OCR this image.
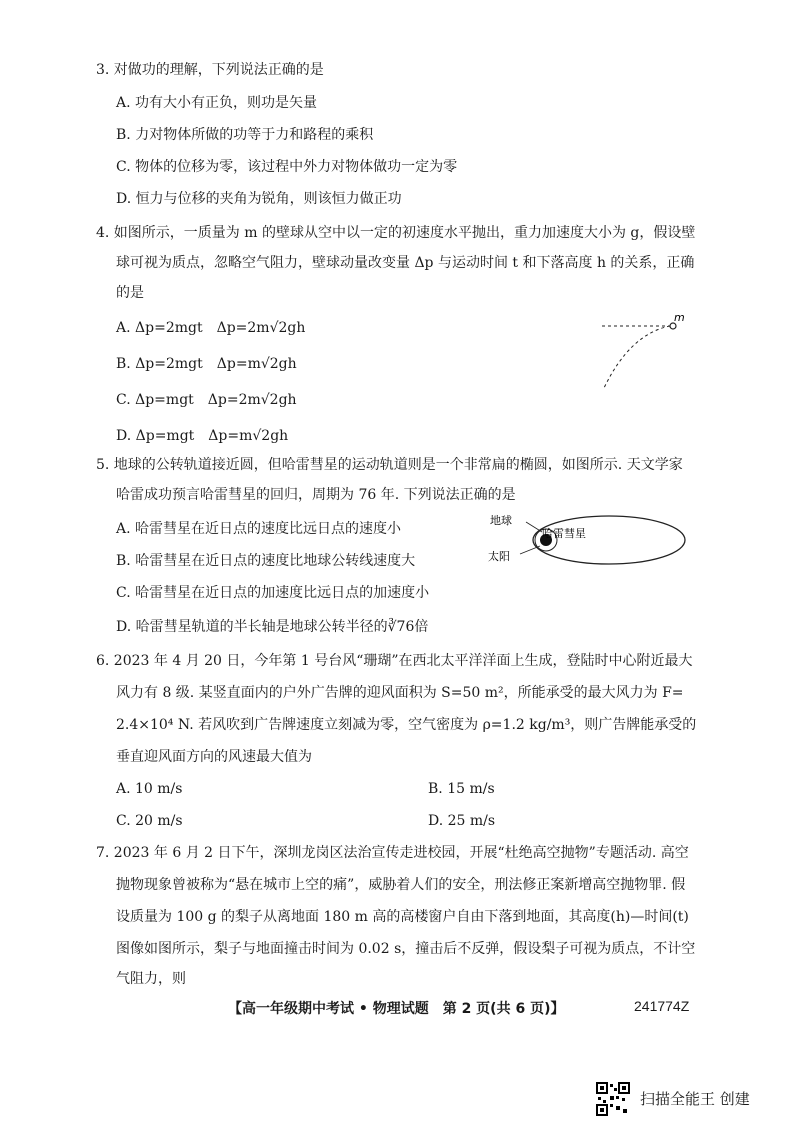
3. 对做功的理解，下列说法正确的是
A. 功有大小有正负，则功是矢量
B. 力对物体所做的功等于力和路程的乘积
C. 物体的位移为零，该过程中外力对物体做功一定为零
D. 恒力与位移的夹角为锐角，则该恒力做正功
4. 如图所示，一质量为 m 的壁球从空中以一定的初速度水平抛出，重力加速度大小为 g，假设壁
球可视为质点，忽略空气阻力，壁球动量改变量 Δp 与运动时间 t 和下落高度 h 的关系，正确
的是
A. Δp=2mgt　Δp=2m√2gh
B. Δp=2mgt　Δp=m√2gh
C. Δp=mgt　Δp=2m√2gh
D. Δp=mgt　Δp=m√2gh
m
5. 地球的公转轨道接近圆，但哈雷彗星的运动轨道则是一个非常扁的椭圆，如图所示. 天文学家
哈雷成功预言哈雷彗星的回归，周期为 76 年. 下列说法正确的是
A. 哈雷彗星在近日点的速度比远日点的速度小
B. 哈雷彗星在近日点的速度比地球公转线速度大
C. 哈雷彗星在近日点的加速度比远日点的加速度小
D. 哈雷彗星轨道的半长轴是地球公转半径的∛76倍
地球
哈雷彗星
太阳
6. 2023 年 4 月 20 日，今年第 1 号台风“珊瑚”在西北太平洋洋面上生成，登陆时中心附近最大
风力有 8 级. 某竖直面内的户外广告牌的迎风面积为 S=50 m²，所能承受的最大风力为 F=
2.4×10⁴ N. 若风吹到广告牌速度立刻减为零，空气密度为 ρ=1.2 kg/m³，则广告牌能承受的
垂直迎风面方向的风速最大值为
A. 10 m/s	B. 15 m/s
C. 20 m/s	D. 25 m/s
7. 2023 年 6 月 2 日下午，深圳龙岗区法治宣传走进校园，开展“杜绝高空抛物”专题活动. 高空
抛物现象曾被称为“悬在城市上空的痛”，威胁着人们的安全，刑法修正案新增高空抛物罪. 假
设质量为 100 g 的梨子从离地面 180 m 高的高楼窗户自由下落到地面，其高度(h)—时间(t)
图像如图所示，梨子与地面撞击时间为 0.02 s，撞击后不反弹，假设梨子可视为质点，不计空
气阻力，则
【高一年级期中考试 • 物理试题　第 2 页(共 6 页)】	241774Z
扫描全能王 创建
